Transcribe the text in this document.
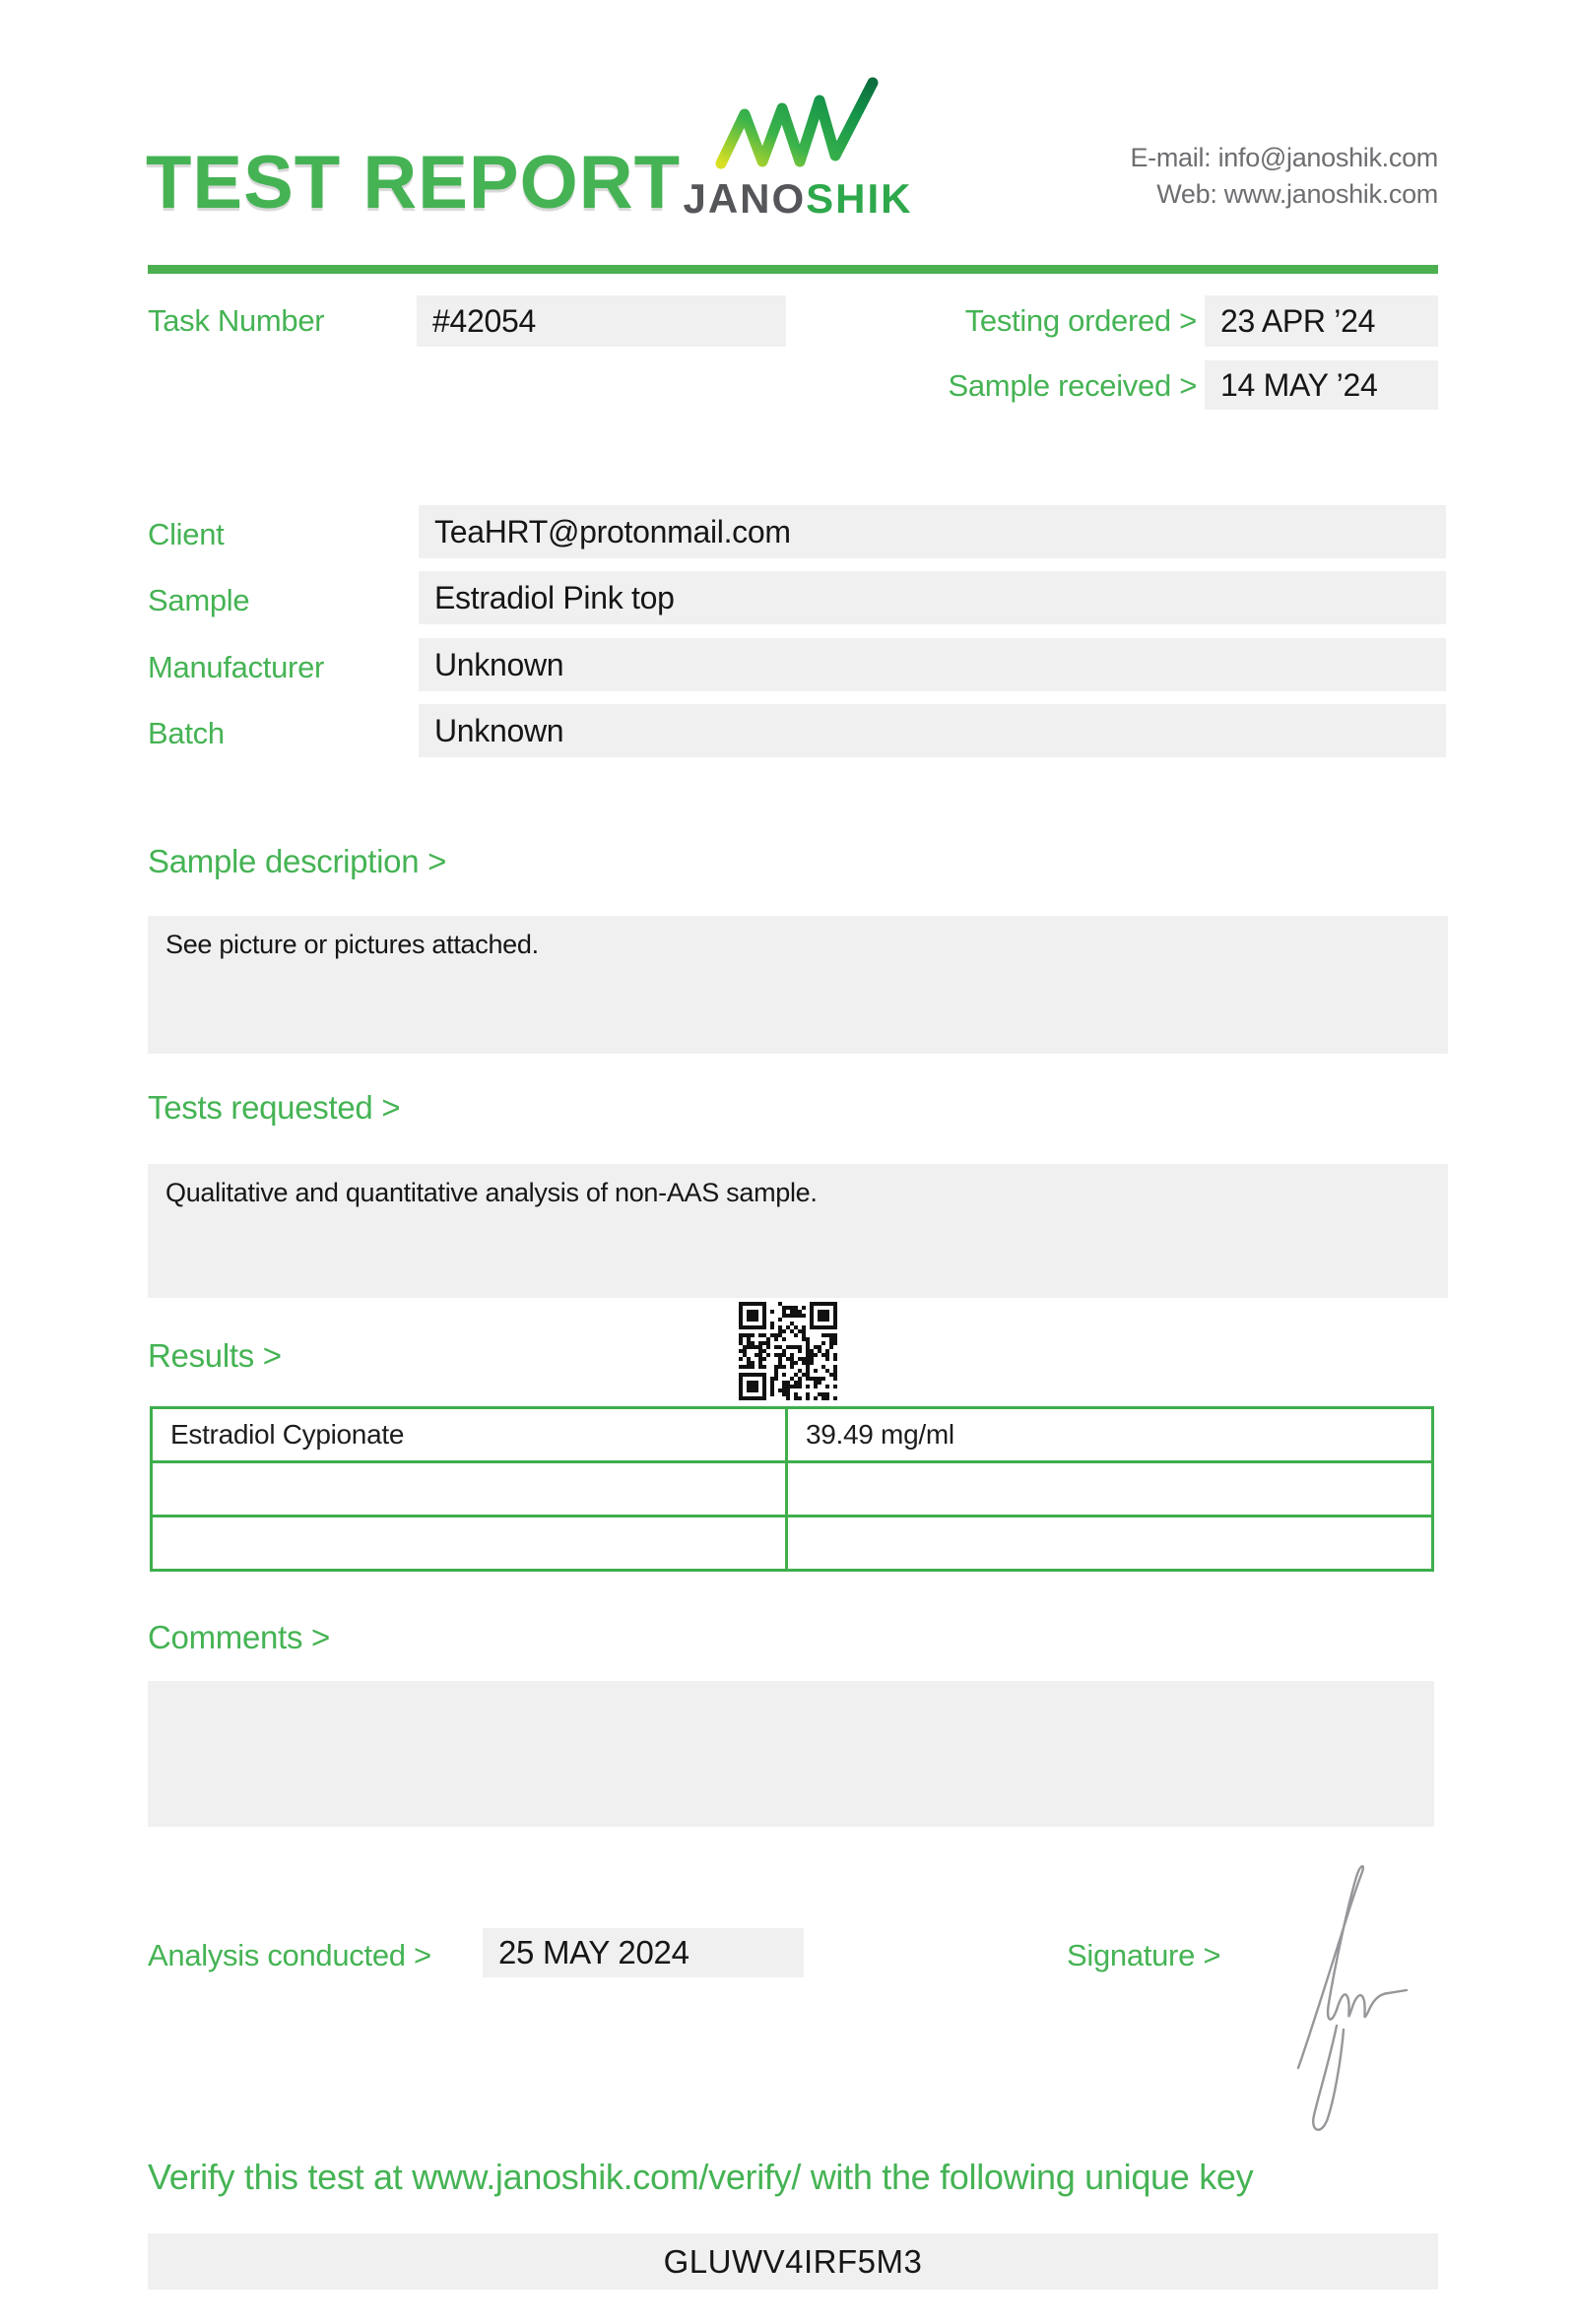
TEST REPORT JANOSHIK
E-mail: info@janoshik.com
Web: www.janoshik.com
Task Number	#42054	Testing ordered > 23 APR ’24
Sample received > 14 MAY ’24
Client	TeaHRT@protonmail.com
Sample	Estradiol Pink top
Manufacturer	Unknown
Batch	Unknown
Sample description >
See picture or pictures attached.
Tests requested >
Qualitative and quantitative analysis of non-AAS sample.
Results >
Estradiol Cypionate	39.49 mg/ml

Comments >
Analysis conducted >	25 MAY 2024	Signature >
Verify this test at www.janoshik.com/verify/ with the following unique key
GLUWV4IRF5M3
